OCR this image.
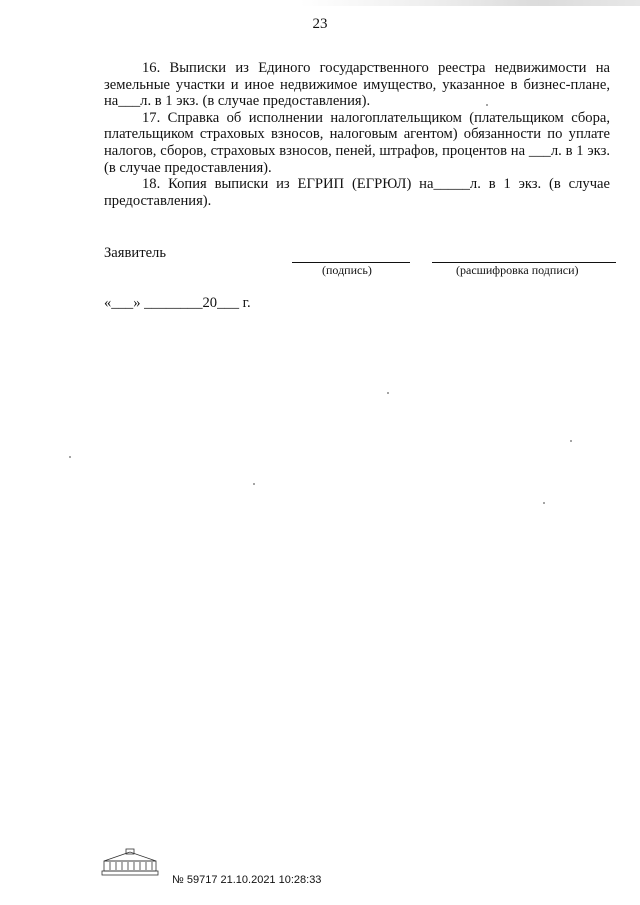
23

16. Выписки из Единого государственного реестра недвижимости на земельные участки и иное недвижимое имущество, указанное в бизнес-плане, на___л. в 1 экз. (в случае предоставления).

17. Справка об исполнении налогоплательщиком (плательщиком сбора, плательщиком страховых взносов, налоговым агентом) обязанности по уплате налогов, сборов, страховых взносов, пеней, штрафов, процентов на ___л. в 1 экз. (в случае предоставления).

18. Копия выписки из ЕГРИП (ЕГРЮЛ) на_____л. в 1 экз. (в случае предоставления).

Заявитель
(подпись)	(расшифровка подписи)
«___» ________20___ г.
№ 59717 21.10.2021 10:28:33
